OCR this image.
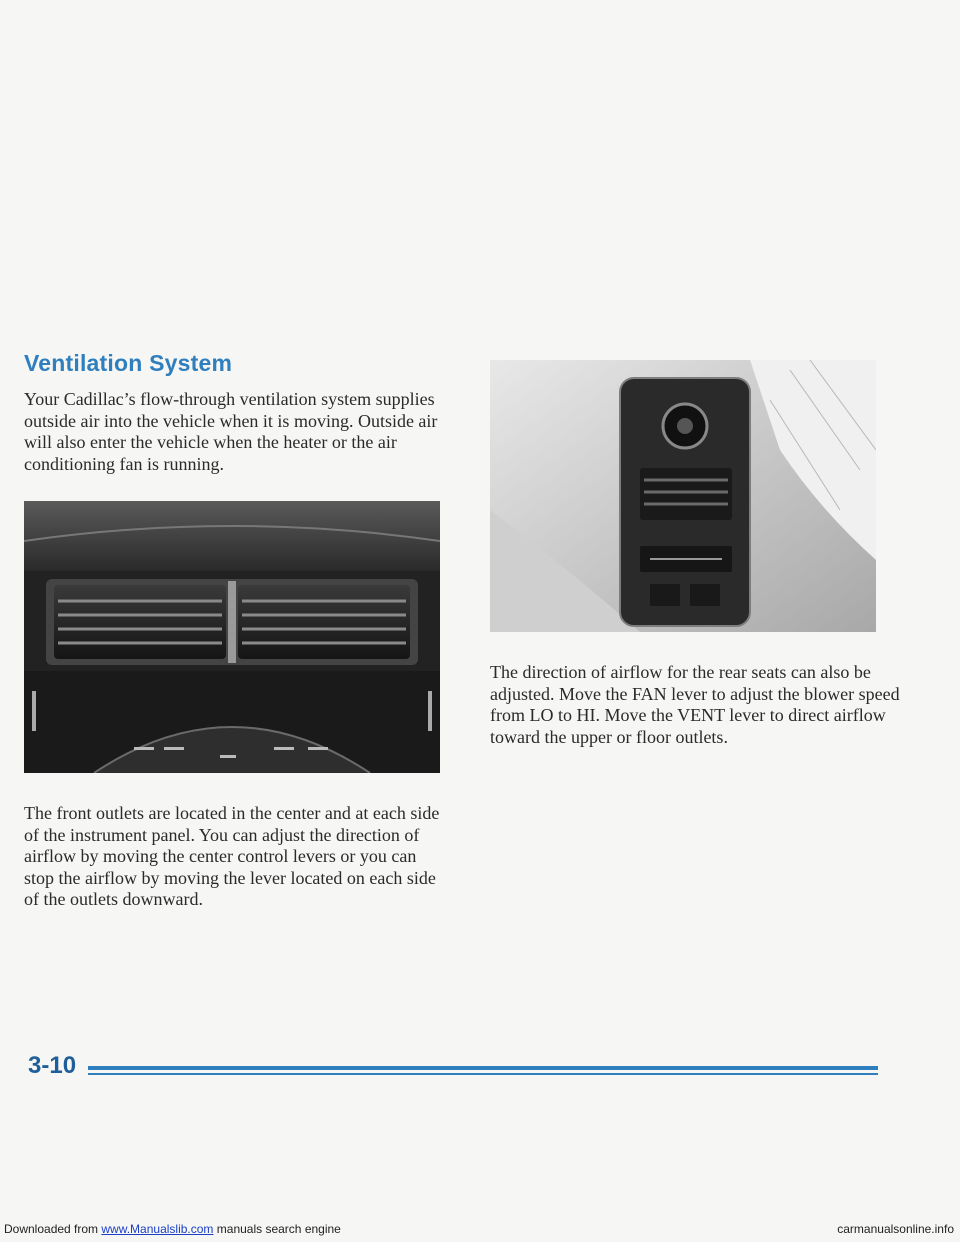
Ventilation System

Your Cadillac’s flow-through ventilation system supplies outside air into the vehicle when it is moving. Outside air will also enter the vehicle when the heater or the air conditioning fan is running.

The front outlets are located in the center and at each side of the instrument panel. You can adjust the direction of airflow by moving the center control levers or you can stop the airflow by moving the lever located on each side of the outlets downward.

The direction of airflow for the rear seats can also be adjusted. Move the FAN lever to adjust the blower speed from LO to HI. Move the VENT lever to direct airflow toward the upper or floor outlets.

3-10
Downloaded from www.Manualslib.com manuals search engine	carmanualsonline.info
